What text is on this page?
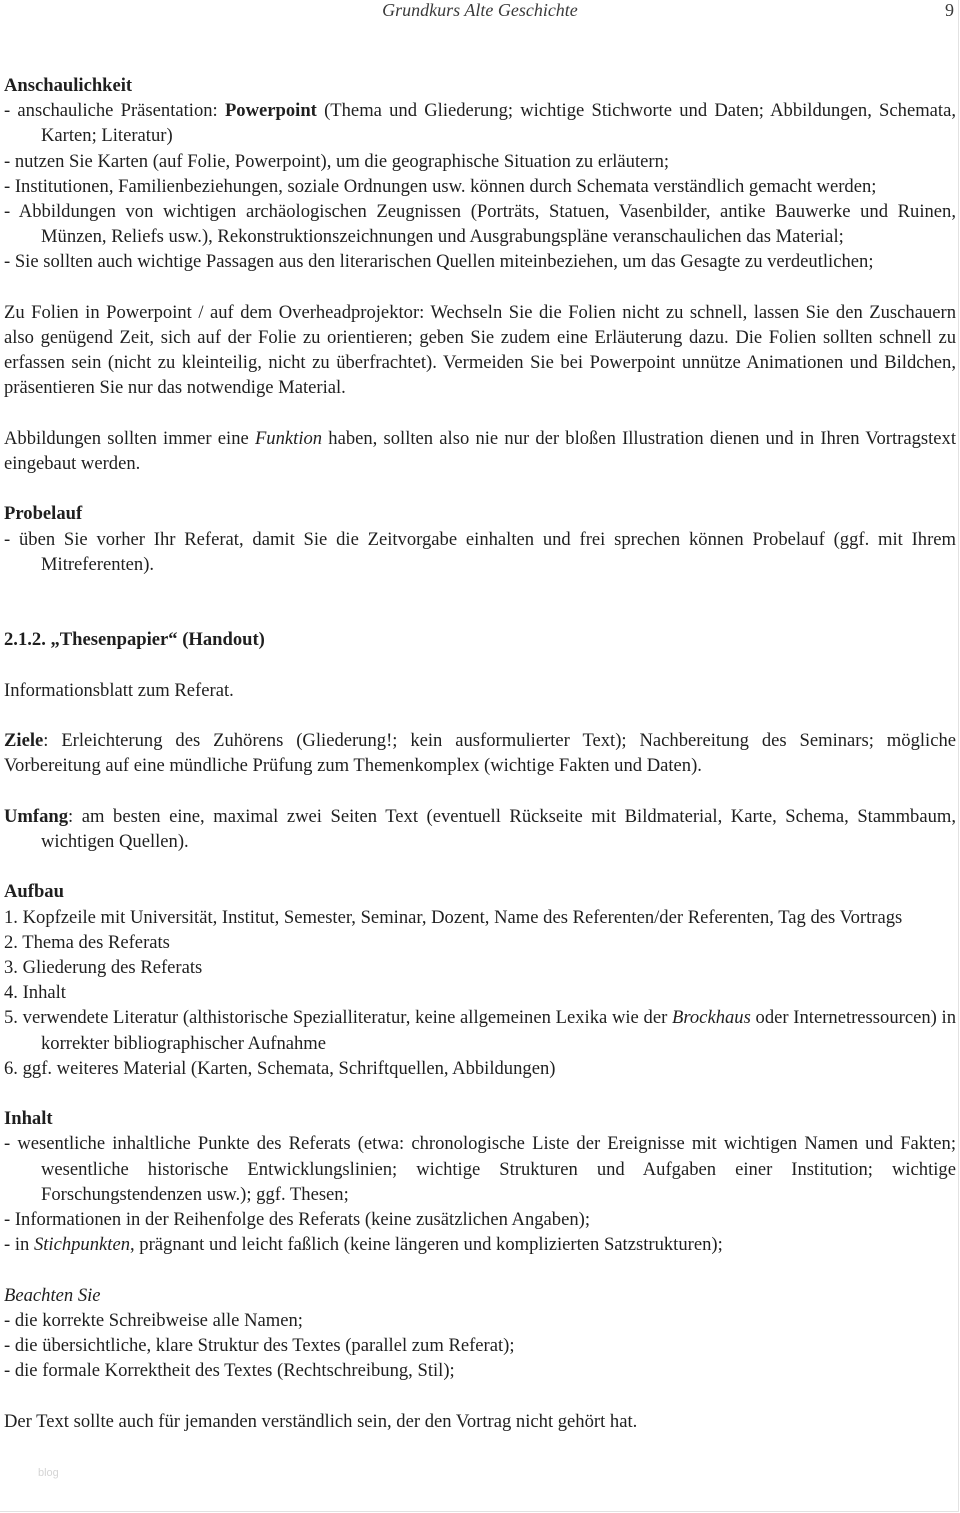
Grundkurs Alte Geschichte	9

Anschaulichkeit

- anschauliche Präsentation: Powerpoint (Thema und Gliederung; wichtige Stichworte und Daten; Abbildungen, Schemata, Karten; Literatur)

- nutzen Sie Karten (auf Folie, Powerpoint), um die geographische Situation zu erläutern;

- Institutionen, Familienbeziehungen, soziale Ordnungen usw. können durch Schemata verständlich gemacht werden;

- Abbildungen von wichtigen archäologischen Zeugnissen (Porträts, Statuen, Vasenbilder, antike Bauwerke und Ruinen, Münzen, Reliefs usw.), Rekonstruktionszeichnungen und Ausgrabungspläne veranschaulichen das Material;

- Sie sollten auch wichtige Passagen aus den literarischen Quellen miteinbeziehen, um das Gesagte zu verdeutlichen;

Zu Folien in Powerpoint / auf dem Overheadprojektor: Wechseln Sie die Folien nicht zu schnell, lassen Sie den Zuschauern also genügend Zeit, sich auf der Folie zu orientieren; geben Sie zudem eine Erläuterung dazu. Die Folien sollten schnell zu erfassen sein (nicht zu kleinteilig, nicht zu überfrachtet). Vermeiden Sie bei Powerpoint unnütze Animationen und Bildchen, präsentieren Sie nur das notwendige Material.

Abbildungen sollten immer eine Funktion haben, sollten also nie nur der bloßen Illustration dienen und in Ihren Vortragstext eingebaut werden.

Probelauf

- üben Sie vorher Ihr Referat, damit Sie die Zeitvorgabe einhalten und frei sprechen können Probelauf (ggf. mit Ihrem Mitreferenten).

2.1.2. „Thesenpapier“ (Handout)

Informationsblatt zum Referat.

Ziele: Erleichterung des Zuhörens (Gliederung!; kein ausformulierter Text); Nachbereitung des Seminars; mögliche Vorbereitung auf eine mündliche Prüfung zum Themenkomplex (wichtige Fakten und Daten).

Umfang: am besten eine, maximal zwei Seiten Text (eventuell Rückseite mit Bildmaterial, Karte, Schema, Stammbaum, wichtigen Quellen).

Aufbau

1. Kopfzeile mit Universität, Institut, Semester, Seminar, Dozent, Name des Referenten/der Referenten, Tag des Vortrags

2. Thema des Referats

3. Gliederung des Referats

4. Inhalt

5. verwendete Literatur (althistorische Spezialliteratur, keine allgemeinen Lexika wie der Brockhaus oder Internetressourcen) in korrekter bibliographischer Aufnahme

6. ggf. weiteres Material (Karten, Schemata, Schriftquellen, Abbildungen)

Inhalt

- wesentliche inhaltliche Punkte des Referats (etwa: chronologische Liste der Ereignisse mit wichtigen Namen und Fakten; wesentliche historische Entwicklungslinien; wichtige Strukturen und Aufgaben einer Institution; wichtige Forschungstendenzen usw.); ggf. Thesen;

- Informationen in der Reihenfolge des Referats (keine zusätzlichen Angaben);

- in Stichpunkten, prägnant und leicht faßlich (keine längeren und komplizierten Satzstrukturen);

Beachten Sie

- die korrekte Schreibweise alle Namen;

- die übersichtliche, klare Struktur des Textes (parallel zum Referat);

- die formale Korrektheit des Textes (Rechtschreibung, Stil);

Der Text sollte auch für jemanden verständlich sein, der den Vortrag nicht gehört hat.

blog
